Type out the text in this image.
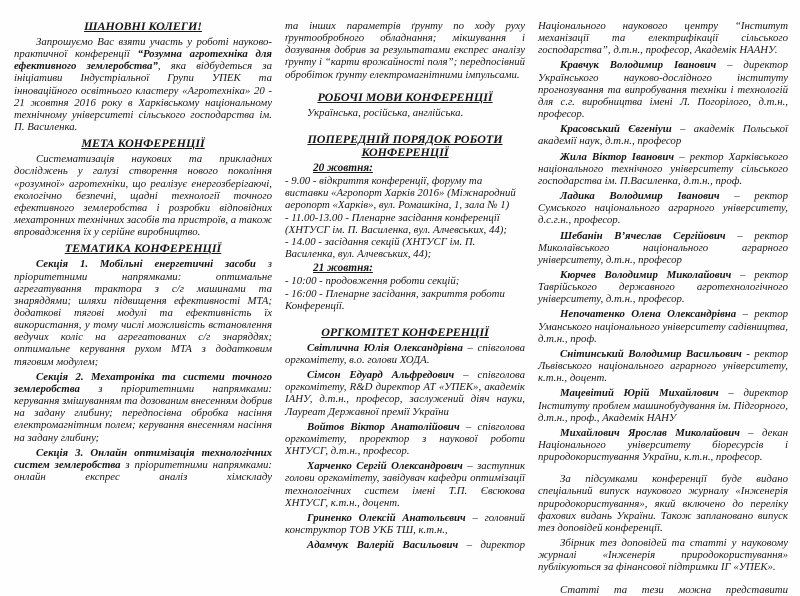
ШАНОВНІ КОЛЕГИ!

Запрошуємо Вас взяти участь у роботі науково-практичної конференції “Розумна агротехніка для ефективного землеробства”, яка відбудеться за ініціативи Індустріальної Групи УПЕК та інноваційного освітнього кластеру «Агротехніка» 20 - 21 жовтня 2016 року в Харківському національному технічному університеті сільського господарства ім. П. Василенка.

МЕТА КОНФЕРЕНЦІЇ

Систематизація наукових та прикладних досліджень у галузі створення нового покоління «розумної» агротехніки, що реалізує енергозберігаючі, екологічно безпечні, щадні технології точного ефективного землеробства і розробки відповідних мехатронних технічних засобів та пристроїв, а також впровадження їх у серійне виробництво.

ТЕМАТИКА КОНФЕРЕНЦІЇ

Секція 1. Мобільні енергетичні засоби з пріоритетними напрямками: оптимальне агрегатування трактора з с/г машинами та знаряддями; шляхи підвищення ефективності МТА; додаткові тягові модулі та ефективність їх використання, у тому числі можливість встановлення ведучих коліс на агрегатованих с/г знаряддях; оптимальне керування рухом МТА з додатковим тяговим модулем;

Секція 2. Мехатроніка та системи точного землеробства з пріоритетними напрямками: керування змішуванням та дозованим внесенням добрив на задану глибину; передпосівна обробка насіння електромагнітним полем; керування внесенням насіння на задану глибину;

Секція 3. Онлайн оптимізація технологічних систем землеробства з пріоритетними напрямками: онлайн експрес аналіз хімскладу

та інших параметрів ґрунту по ходу руху ґрунтообробного обладнання; мікшування і дозування добрив за результатами експрес аналізу ґрунту і “карти врожайності поля”; передпосівний обробіток ґрунту електромагнітними імпульсами.

РОБОЧІ МОВИ КОНФЕРЕНЦІЇ

Українська, російська, англійська.

ПОПЕРЕДНІЙ ПОРЯДОК РОБОТИ КОНФЕРЕНЦІЇ
20 жовтня:

- 9.00 - відкриття конференції, форуму та виставки «Агропорт Харків 2016» (Міжнародний аеропорт «Харків», вул. Ромашкіна, 1, зала № 1)

- 11.00-13.00 - Пленарне засідання конференції (ХНТУСГ ім. П. Василенка, вул. Алчевських, 44);

- 14.00 - засідання секцій (ХНТУСГ ім. П. Василенка, вул. Алчевських, 44);

21 жовтня:

- 10:00 - продовження роботи секцій;

- 16:00 - Пленарне засідання, закриття роботи Конференції.

ОРГКОМІТЕТ КОНФЕРЕНЦІЇ

Світлична Юлія Олександрівна – співголова оргкомітету, в.о. голови ХОДА.

Сімсон Едуард Альфредович – співголова оргкомітету, R&D директор АТ «УПЕК», академік ІАНУ, д.т.н., професор, заслужений діяч науки, Лауреат Державної премії України

Войтов Віктор Анатолійович – співголова оргкомітету, проректор з наукової роботи ХНТУСГ, д.т.н., професор.

Харченко Сергій Олександрович – заступник голови оргкомітету, завідувач кафедри оптимізації технологічних систем імені Т.П. Євсюкова ХНТУСГ, к.т.н., доцент.

Гриненко Олексій Анатольєвич – головний конструктор ТОВ УКБ ТШ, к.т.н.,

Адамчук Валерій Васильович – директор

Національного наукового центру “Інститут механізації та електрифікації сільського господарства”, д.т.н., професор, Академік НААНУ.

Кравчук Володимир Іванович – директор Українського науково-дослідного інституту прогнозування та випробування техніки і технологій для с.г. виробництва імені Л. Погорілого, д.т.н., професор.

Красовський Євгеніуш – академік Польської академії наук, д.т.н., професор

Жила Віктор Іванович – ректор Харківського національного технічного університету сільського господарства ім. П.Василенка, д.т.н., проф.

Ладика Володимир Іванович – ректор Сумського національного аграрного університету, д.с.г.н., професор.

Шебанін В’ячеслав Сергійович – ректор Миколаївського національного аграрного університету, д.т.н., професор

Кюрчев Володимир Миколайович – ректор Таврійського державного агротехнологічного університету, д.т.н., професор.

Непочатенко Олена Олександрівна – ректор Уманського національного університету садівництва, д.т.н., проф.

Снітинський Володимир Васильович - ректор Львівського національного аграрного університету, к.т.н., доцент.

Мацевітий Юрій Михайлович – директор Інституту проблем машинобудування ім. Підгорного, д.т.н., проф., Академік НАНУ

Михайлович Ярослав Миколайович – декан Національного університету біоресурсів і природокористування України, к.т.н., професор.

За підсумками конференції буде видано спеціальний випуск наукового журналу «Інженерія природокористування», який включено до переліку фахових видань України. Також заплановано випуск тез доповідей конференції.

Збірник тез доповідей та статті у науковому журналі «Інженерія природокористування» публікуються за фінансової підтримки ІГ «УПЕК».

Статті та тези можна представити
